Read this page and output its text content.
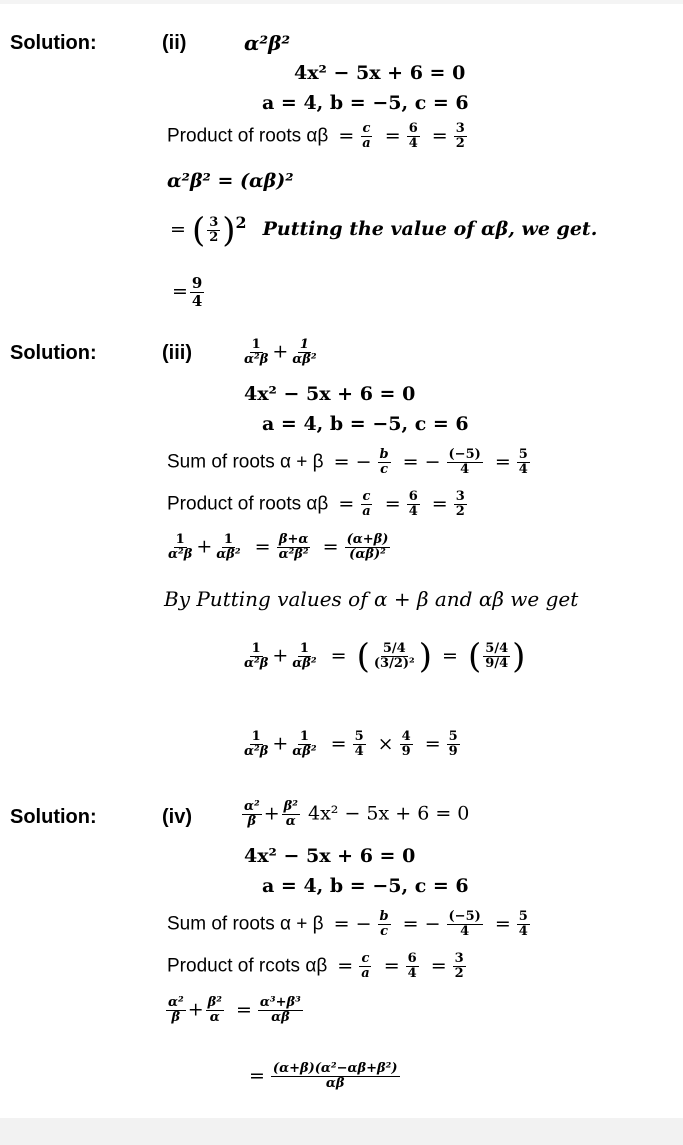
Solution:	(ii)	α²β²
4x² − 5x + 6 = 0
a = 4, b = −5, c = 6
Product of roots $\alpha\beta = \frac{c}{a} = \frac{6}{4} = \frac{3}{2}$
α²β² = (αβ)²
= ( $\frac{3}{2} )^2$ Putting the value of αβ, we get.
= $\frac{9}{4}$
Solution:	(iii)	$\frac{1}{\text{α²β}} + \frac{1}{\text{αβ²}}$
4x² − 5x + 6 = 0
a = 4, b = −5, c = 6
Sum of roots α + β = − $\frac{b}{c}$ = − $\frac{(-5)}{4} = \frac{5}{4}$
Product of roots $\alpha\beta = \frac{c}{a} = \frac{6}{4} = \frac{3}{2}$
$\frac{1}{\text{α²β}} + \frac{1}{\text{αβ²}} = \frac{\beta+\alpha}{\text{α²β²}} = \frac{(\alpha+\beta)}{\text{(αβ)²}}$
By Putting values of α + β and αβ we get
$\frac{1}{\text{α²β}} + \frac{1}{\text{αβ²}}$ = ( $\frac{5/4}{\text{(3/2)²}}$ ) = ( $\frac{5/4}{9/4}$ )
$\frac{1}{\text{α²β}} + \frac{1}{\text{αβ²}} = \frac{5}{4} \times \frac{4}{9} = \frac{5}{9}$
Solution:	(iv)	$\frac{\text{α²}}{\beta} + \frac{\text{β²}}{\alpha} 4x^2 - 5x + 6 = 0$
4x² − 5x + 6 = 0
a = 4, b = −5, c = 6
Sum of roots α + β = − $\frac{b}{c}$ = − $\frac{(-5)}{4} = \frac{5}{4}$
Product of rcots $\alpha\beta = \frac{c}{a} = \frac{6}{4} = \frac{3}{2}$
$\frac{\text{α²}}{\beta} + \frac{\text{β²}}{\alpha} = \frac{\text{α³+β³}}{\alpha\beta}$
= $\frac{\text{(α+β)(α²−αβ+β²)}}{\alpha\beta}$
